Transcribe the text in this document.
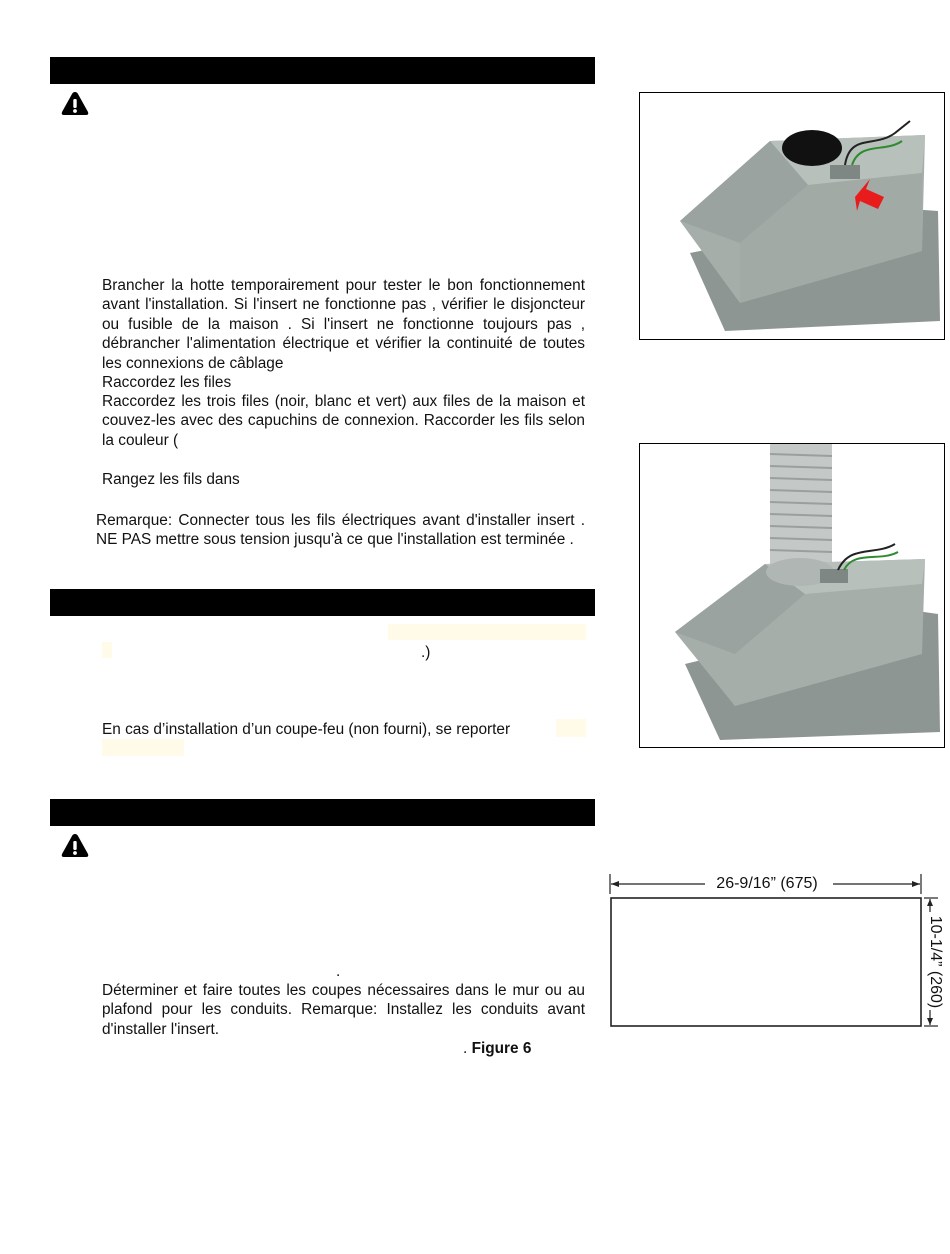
Brancher la hotte temporairement pour tester le bon fonctionnement avant l'installation. Si l'insert ne fonctionne pas , vérifier le disjoncteur ou fusible de la maison . Si l'insert ne fonctionne toujours pas , débrancher l'alimentation électrique et vérifier la continuité de toutes les connexions de câblage

Raccordez les files

Raccordez les trois files (noir, blanc et vert) aux files de la maison et couvez-les avec des capuchins de connexion. Raccorder les fils selon la couleur (

Rangez les fils dans

Remarque: Connecter tous les fils électriques avant d'installer insert . NE PAS mettre sous tension jusqu'à ce que l'installation est terminée .

.)

En cas d’installation d’un coupe-feu (non fourni), se reporter

.

Déterminer et faire toutes les coupes nécessaires dans le mur ou au plafond pour les conduits. Remarque: Installez les conduits avant d'installer l'insert.

. Figure 6

26-9/16” (675)
10-1/4” (260)
